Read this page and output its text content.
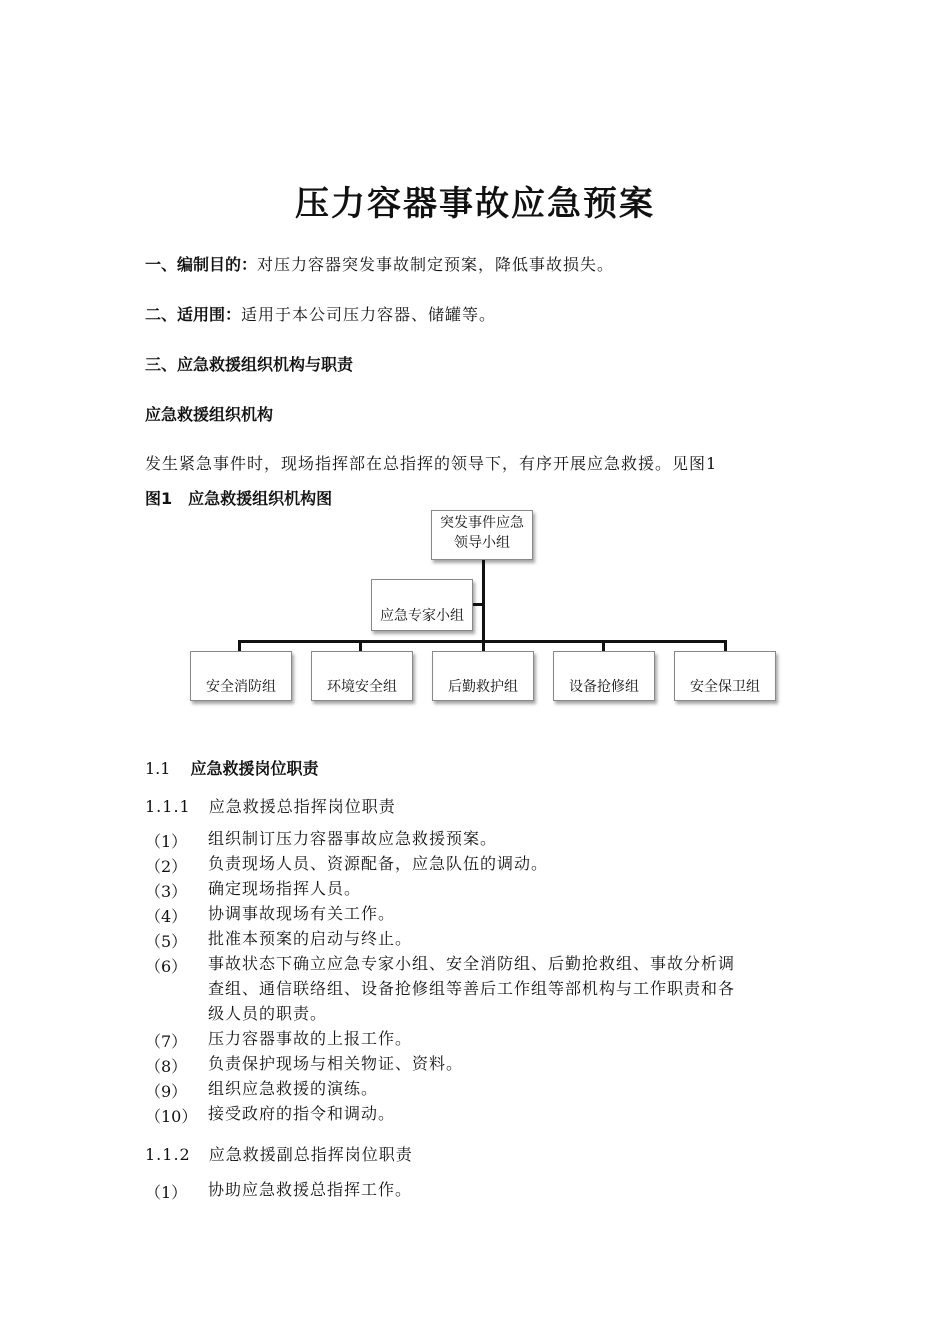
压力容器事故应急预案
一、编制目的：对压力容器突发事故制定预案，降低事故损失。
二、适用围：适用于本公司压力容器、储罐等。
三、应急救援组织机构与职责
应急救援组织机构
发生紧急事件时，现场指挥部在总指挥的领导下，有序开展应急救援。见图1
图1　应急救援组织机构图
突发事件应急
领导小组
应急专家小组
安全消防组	环境安全组	后勤救护组	设备抢修组	安全保卫组
1.1 应急救援岗位职责
1.1.1 应急救援总指挥岗位职责
（1） 组织制订压力容器事故应急救援预案。
（2） 负责现场人员、资源配备，应急队伍的调动。
（3） 确定现场指挥人员。
（4） 协调事故现场有关工作。
（5） 批准本预案的启动与终止。
（6） 事故状态下确立应急专家小组、安全消防组、后勤抢救组、事故分析调
查组、通信联络组、设备抢修组等善后工作组等部机构与工作职责和各
级人员的职责。
（7） 压力容器事故的上报工作。
（8） 负责保护现场与相关物证、资料。
（9） 组织应急救援的演练。
（10） 接受政府的指令和调动。
1.1.2 应急救援副总指挥岗位职责
（1） 协助应急救援总指挥工作。
